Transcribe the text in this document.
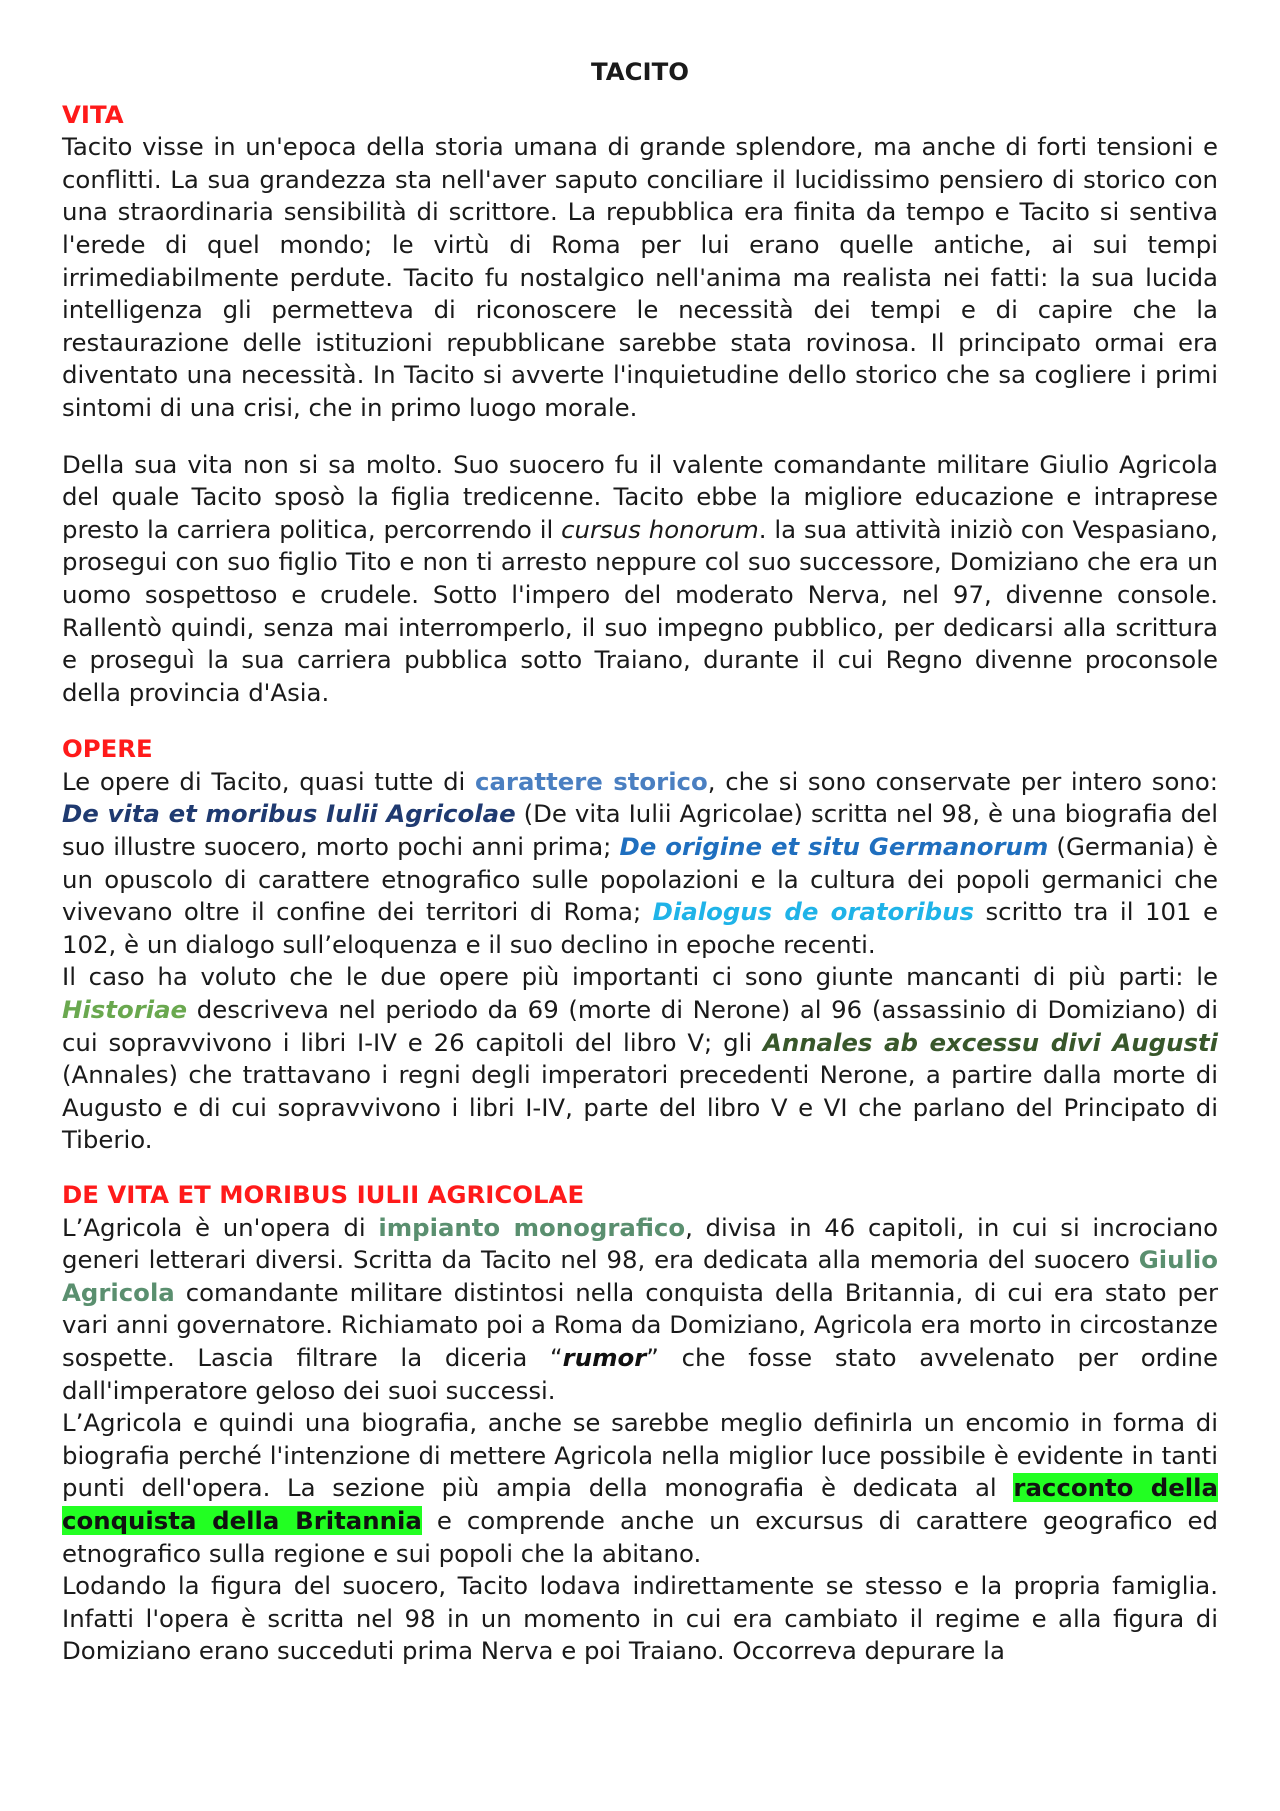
TACITO
VITA

Tacito visse in un'epoca della storia umana di grande splendore, ma anche di forti tensioni e conflitti. La sua grandezza sta nell'aver saputo conciliare il lucidissimo pensiero di storico con una straordinaria sensibilità di scrittore. La repubblica era finita da tempo e Tacito si sentiva l'erede di quel mondo; le virtù di Roma per lui erano quelle antiche, ai sui tempi irrimediabilmente perdute. Tacito fu nostalgico nell'anima ma realista nei fatti: la sua lucida intelligenza gli permetteva di riconoscere le necessità dei tempi e di capire che la restaurazione delle istituzioni repubblicane sarebbe stata rovinosa. Il principato ormai era diventato una necessità. In Tacito si avverte l'inquietudine dello storico che sa cogliere i primi sintomi di una crisi, che in primo luogo morale.

Della sua vita non si sa molto. Suo suocero fu il valente comandante militare Giulio Agricola del quale Tacito sposò la figlia tredicenne. Tacito ebbe la migliore educazione e intraprese presto la carriera politica, percorrendo il cursus honorum. la sua attività iniziò con Vespasiano, prosegui con suo figlio Tito e non ti arresto neppure col suo successore, Domiziano che era un uomo sospettoso e crudele. Sotto l'impero del moderato Nerva, nel 97, divenne console. Rallentò quindi, senza mai interromperlo, il suo impegno pubblico, per dedicarsi alla scrittura e proseguì la sua carriera pubblica sotto Traiano, durante il cui Regno divenne proconsole della provincia d'Asia.

OPERE

Le opere di Tacito, quasi tutte di carattere storico, che si sono conservate per intero sono: De vita et moribus Iulii Agricolae (De vita Iulii Agricolae) scritta nel 98, è una biografia del suo illustre suocero, morto pochi anni prima; De origine et situ Germanorum (Germania) è un opuscolo di carattere etnografico sulle popolazioni e la cultura dei popoli germanici che vivevano oltre il confine dei territori di Roma; Dialogus de oratoribus scritto tra il 101 e 102, è un dialogo sull’eloquenza e il suo declino in epoche recenti.

Il caso ha voluto che le due opere più importanti ci sono giunte mancanti di più parti: le Historiae descriveva nel periodo da 69 (morte di Nerone) al 96 (assassinio di Domiziano) di cui sopravvivono i libri I-IV e 26 capitoli del libro V; gli Annales ab excessu divi Augusti (Annales) che trattavano i regni degli imperatori precedenti Nerone, a partire dalla morte di Augusto e di cui sopravvivono i libri I-IV, parte del libro V e VI che parlano del Principato di Tiberio.

DE VITA ET MORIBUS IULII AGRICOLAE

L’Agricola è un'opera di impianto monografico, divisa in 46 capitoli, in cui si incrociano generi letterari diversi. Scritta da Tacito nel 98, era dedicata alla memoria del suocero Giulio Agricola comandante militare distintosi nella conquista della Britannia, di cui era stato per vari anni governatore. Richiamato poi a Roma da Domiziano, Agricola era morto in circostanze sospette. Lascia filtrare la diceria “rumor” che fosse stato avvelenato per ordine dall'imperatore geloso dei suoi successi.

L’Agricola e quindi una biografia, anche se sarebbe meglio definirla un encomio in forma di biografia perché l'intenzione di mettere Agricola nella miglior luce possibile è evidente in tanti punti dell'opera. La sezione più ampia della monografia è dedicata al racconto della conquista della Britannia e comprende anche un excursus di carattere geografico ed etnografico sulla regione e sui popoli che la abitano.

Lodando la figura del suocero, Tacito lodava indirettamente se stesso e la propria famiglia. Infatti l'opera è scritta nel 98 in un momento in cui era cambiato il regime e alla figura di Domiziano erano succeduti prima Nerva e poi Traiano. Occorreva depurare la
